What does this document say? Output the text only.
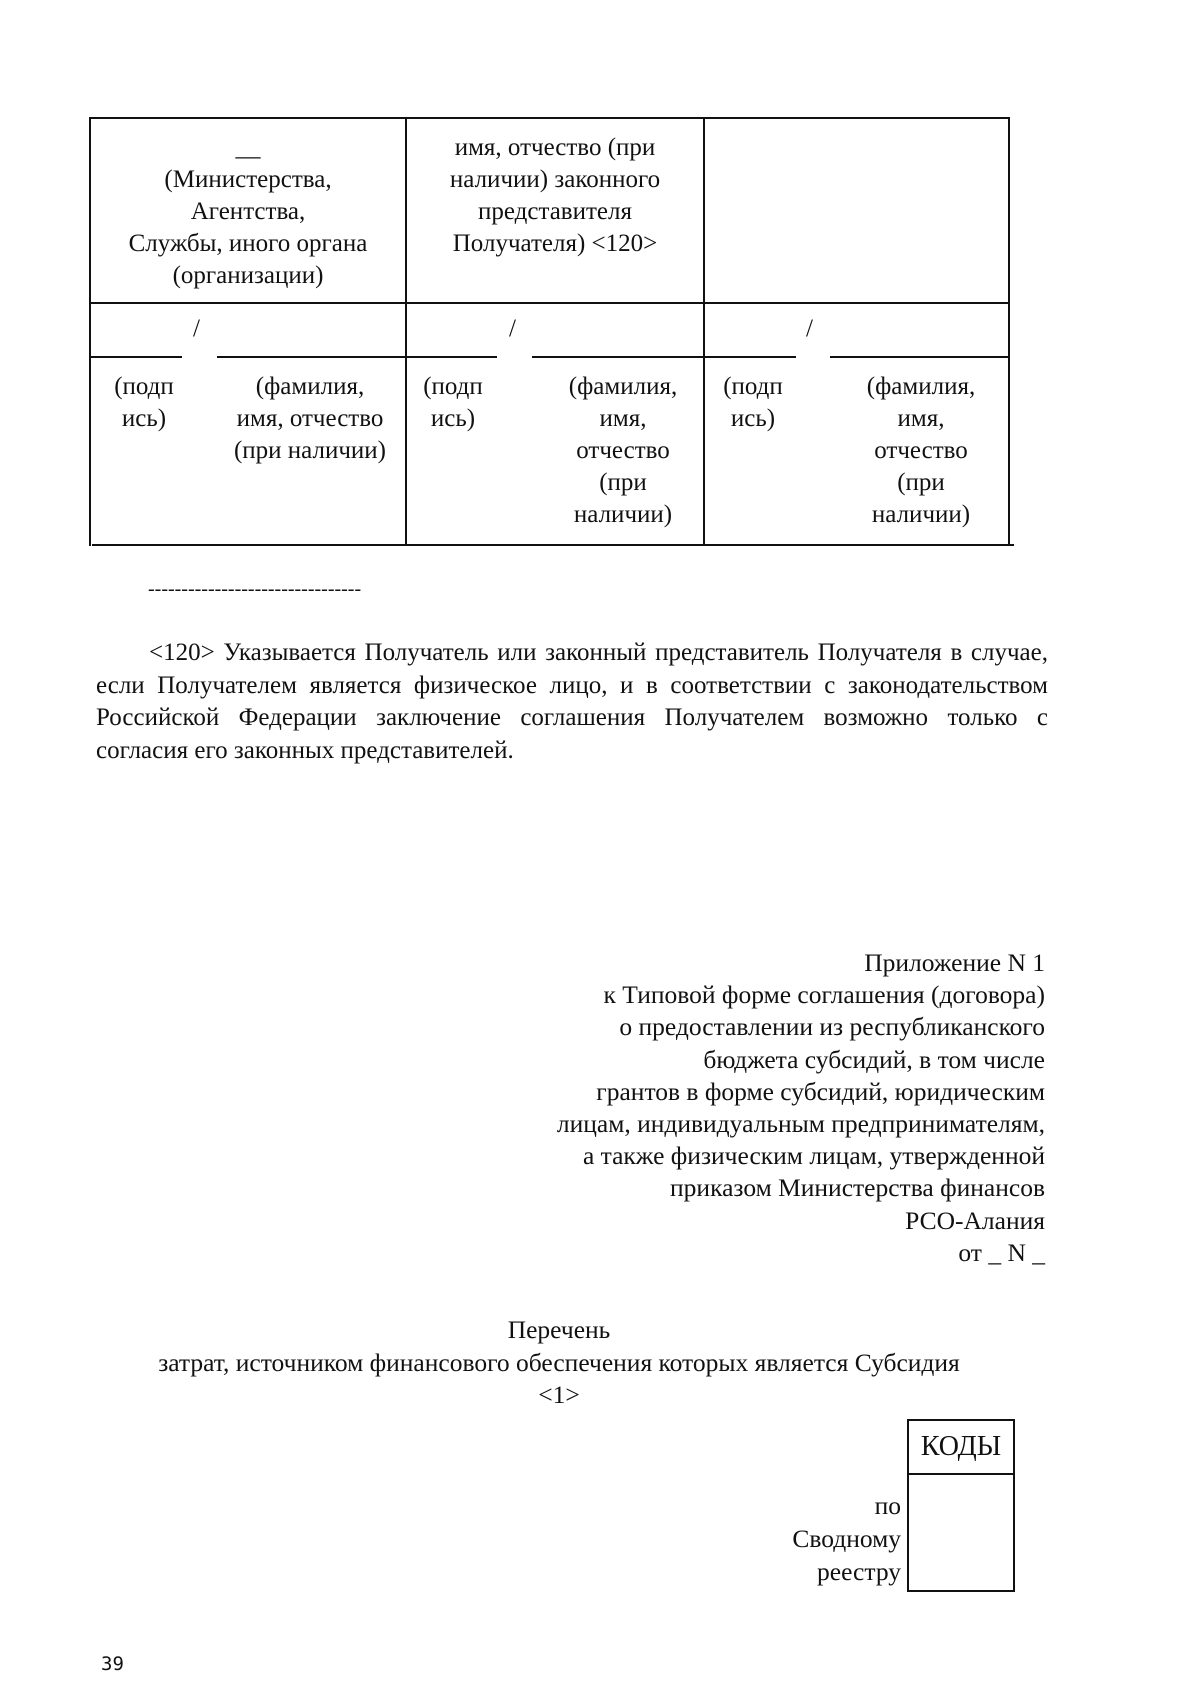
__
(Министерства,
Агентства,
Службы, иного органа
(организации)
имя, отчество (при
наличии) законного
представителя
Получателя) <120>
/	/	/
(подп
ись)
(фамилия,
имя, отчество
(при наличии)
(подп
ись)
(фамилия,
имя,
отчество
(при
наличии)
(подп
ись)
(фамилия,
имя,
отчество
(при
наличии)
--------------------------------

<120> Указывается Получатель или законный представитель Получателя в случае, если Получателем является физическое лицо, и в соответствии с законодательством Российской Федерации заключение соглашения Получателем возможно только с согласия его законных представителей.

Приложение N 1
к Типовой форме соглашения (договора)
о предоставлении из республиканского
бюджета субсидий, в том числе
грантов в форме субсидий, юридическим
лицам, индивидуальным предпринимателям,
а также физическим лицам, утвержденной
приказом Министерства финансов
РСО-Алания
от _ N _
Перечень
затрат, источником финансового обеспечения которых является Субсидия
<1>
КОДЫ
по
Сводному
реестру
39
